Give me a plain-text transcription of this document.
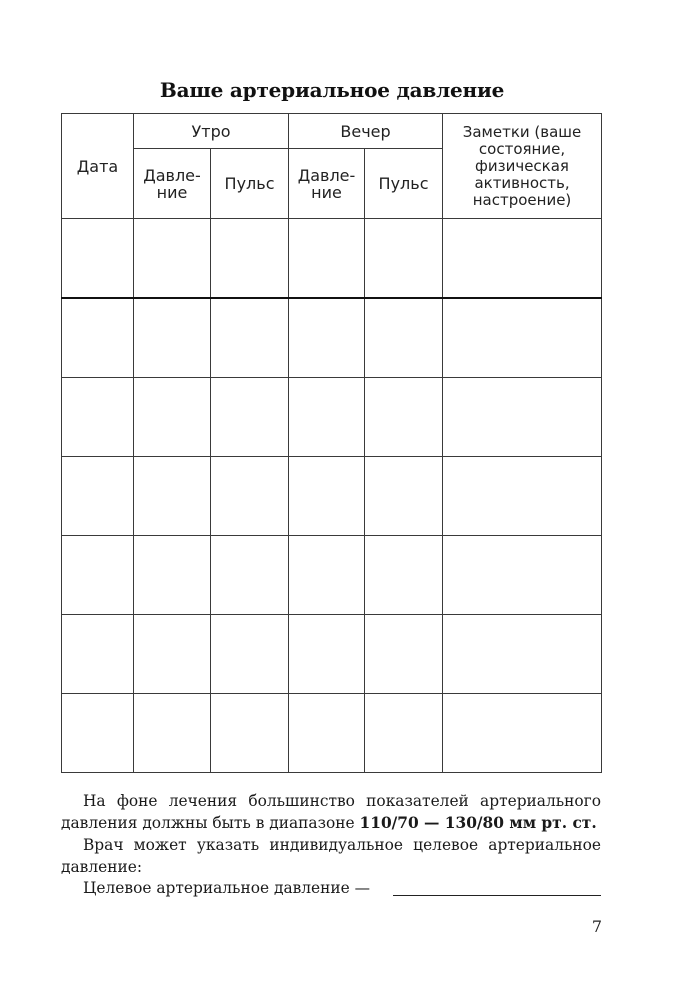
Ваше артериальное давление
Дата	Утро		Вечер		Заметки (ваше состояние, физическая активность, настроение)
	Давле-ние	Пульс	Давле-ние	Пульс	

На фоне лечения большинство показателей артериального

давления должны быть в диапазоне 110/70 — 130/80 мм рт. ст.

Врач может указать индивидуальное целевое артериальное

давление:

Целевое артериальное давление —
7
